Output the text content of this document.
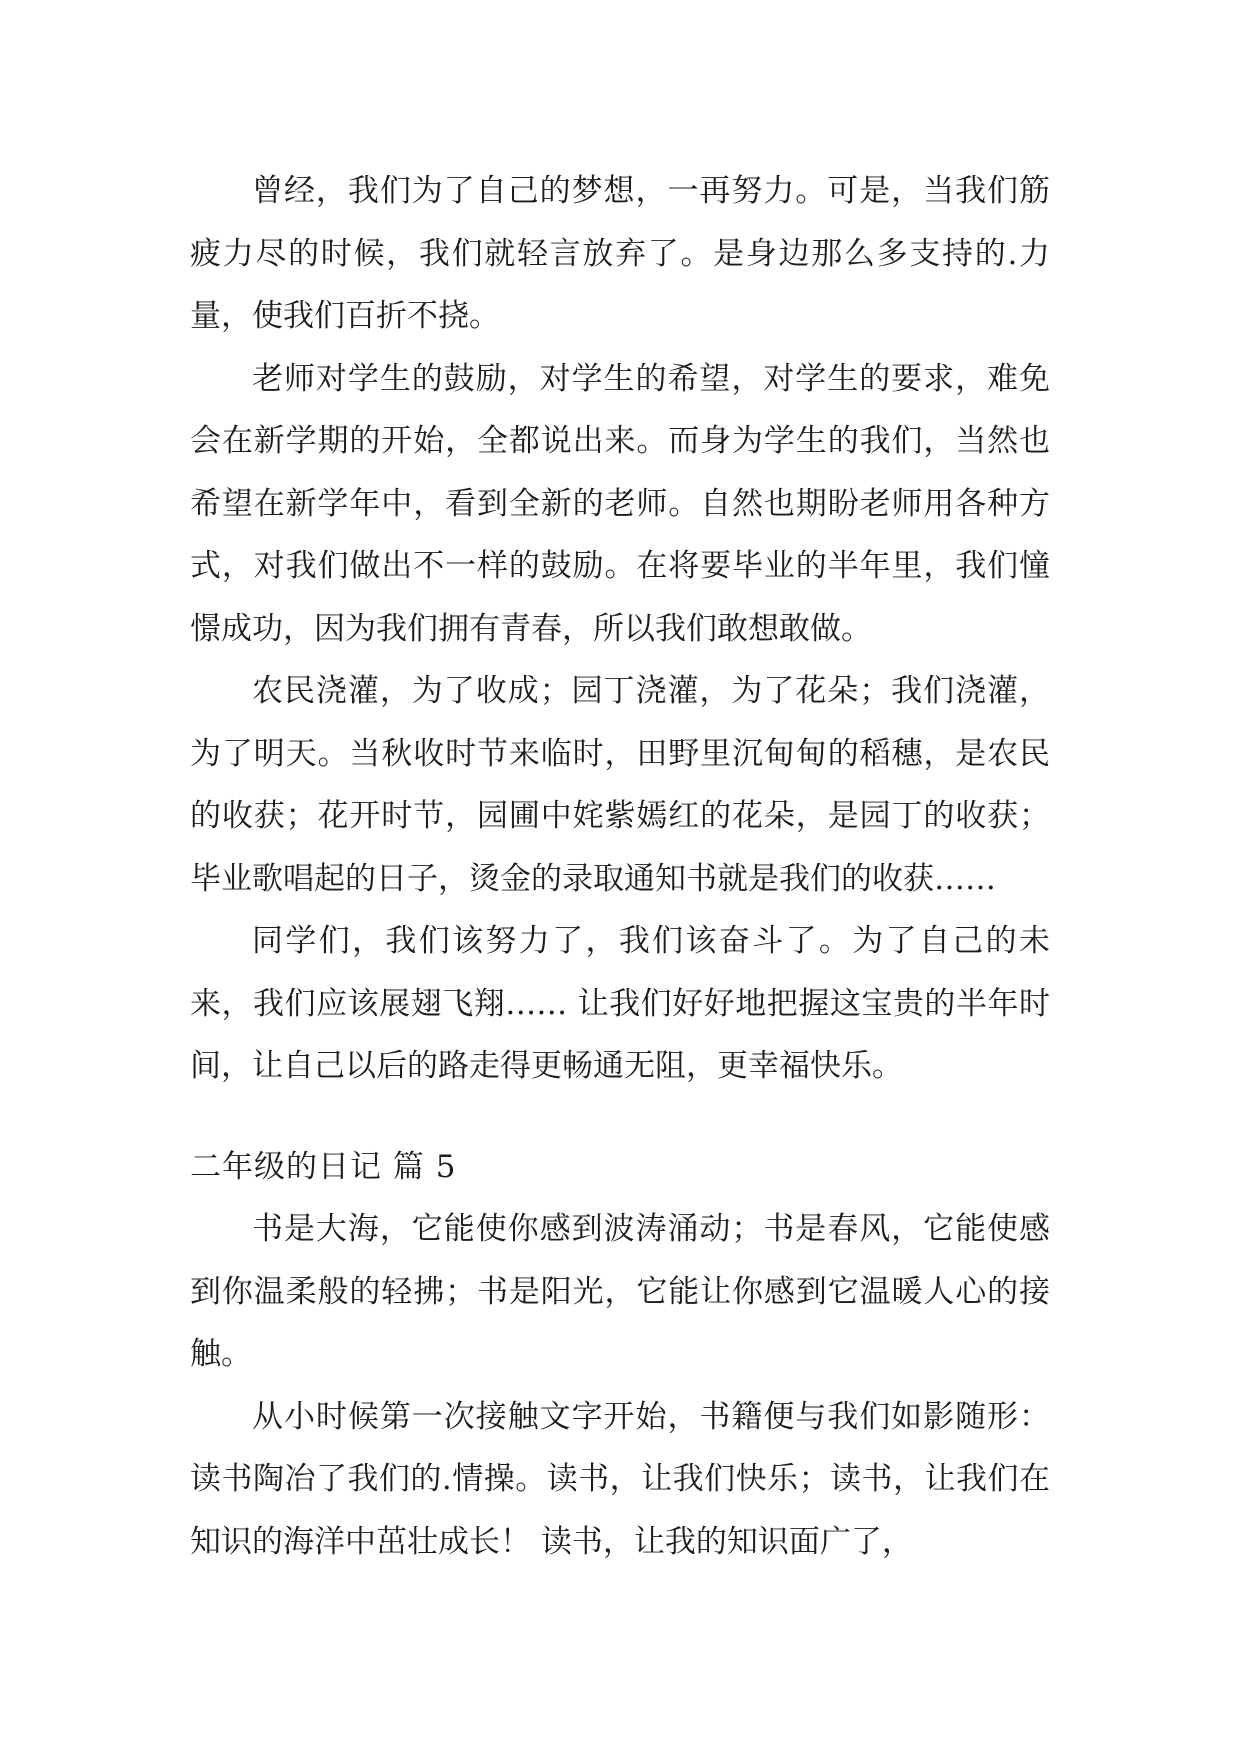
曾经，我们为了自己的梦想，一再努力。可是，当我们筋疲力尽的时候，我们就轻言放弃了。是身边那么多支持的.力量，使我们百折不挠。

老师对学生的鼓励，对学生的希望，对学生的要求，难免会在新学期的开始，全都说出来。而身为学生的我们，当然也希望在新学年中，看到全新的老师。自然也期盼老师用各种方式，对我们做出不一样的鼓励。在将要毕业的半年里，我们憧憬成功，因为我们拥有青春，所以我们敢想敢做。

农民浇灌，为了收成；园丁浇灌，为了花朵；我们浇灌，为了明天。当秋收时节来临时，田野里沉甸甸的稻穗，是农民的收获；花开时节，园圃中姹紫嫣红的花朵，是园丁的收获；毕业歌唱起的日子，烫金的录取通知书就是我们的收获……

同学们，我们该努力了，我们该奋斗了。为了自己的未来，我们应该展翅飞翔…… 让我们好好地把握这宝贵的半年时间，让自己以后的路走得更畅通无阻，更幸福快乐。

二年级的日记 篇 5

书是大海，它能使你感到波涛涌动；书是春风，它能使感到你温柔般的轻拂；书是阳光，它能让你感到它温暖人心的接触。

从小时候第一次接触文字开始，书籍便与我们如影随形：读书陶冶了我们的.情操。读书，让我们快乐；读书，让我们在知识的海洋中茁壮成长！ 读书，让我的知识面广了，
